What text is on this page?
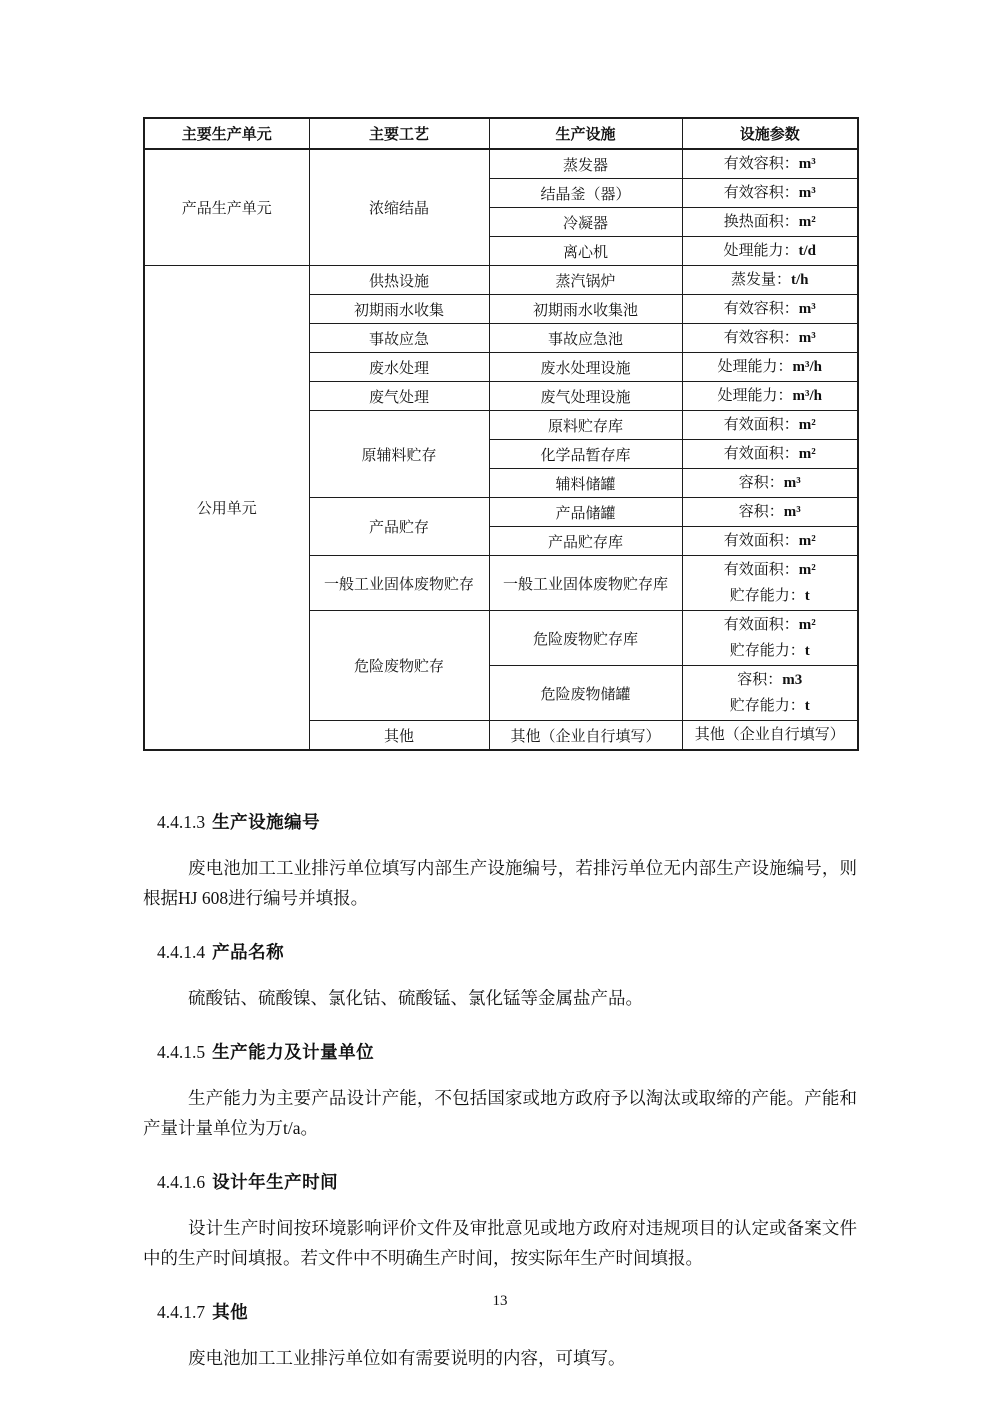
主要生产单元	主要工艺	生产设施	设施参数
产品生产单元	浓缩结晶	蒸发器	有效容积：m³

		结晶釜（器）	有效容积：m³

		冷凝器	换热面积：m²

		离心机	处理能力：t/d

公用单元	供热设施	蒸汽锅炉	蒸发量：t/h

	初期雨水收集	初期雨水收集池	有效容积：m³

	事故应急	事故应急池	有效容积：m³

	废水处理	废水处理设施	处理能力：m³/h

	废气处理	废气处理设施	处理能力：m³/h

	原辅料贮存	原料贮存库	有效面积：m²

		化学品暂存库	有效面积：m²

		辅料储罐	容积：m³

	产品贮存	产品储罐	容积：m³

		产品贮存库	有效面积：m²

	一般工业固体废物贮存	一般工业固体废物贮存库	有效面积：m²
贮存能力：t

	危险废物贮存	危险废物贮存库	有效面积：m²
贮存能力：t

		危险废物储罐	容积：m3
贮存能力：t

	其他	其他（企业自行填写）	其他（企业自行填写）
4.4.1.3 生产设施编号

废电池加工工业排污单位填写内部生产设施编号，若排污单位无内部生产设施编号，则根据HJ 608进行编号并填报。

4.4.1.4 产品名称

硫酸钴、硫酸镍、氯化钴、硫酸锰、氯化锰等金属盐产品。

4.4.1.5 生产能力及计量单位

生产能力为主要产品设计产能，不包括国家或地方政府予以淘汰或取缔的产能。产能和产量计量单位为万t/a。

4.4.1.6 设计年生产时间

设计生产时间按环境影响评价文件及审批意见或地方政府对违规项目的认定或备案文件中的生产时间填报。若文件中不明确生产时间，按实际年生产时间填报。

4.4.1.7 其他

废电池加工工业排污单位如有需要说明的内容，可填写。

13
